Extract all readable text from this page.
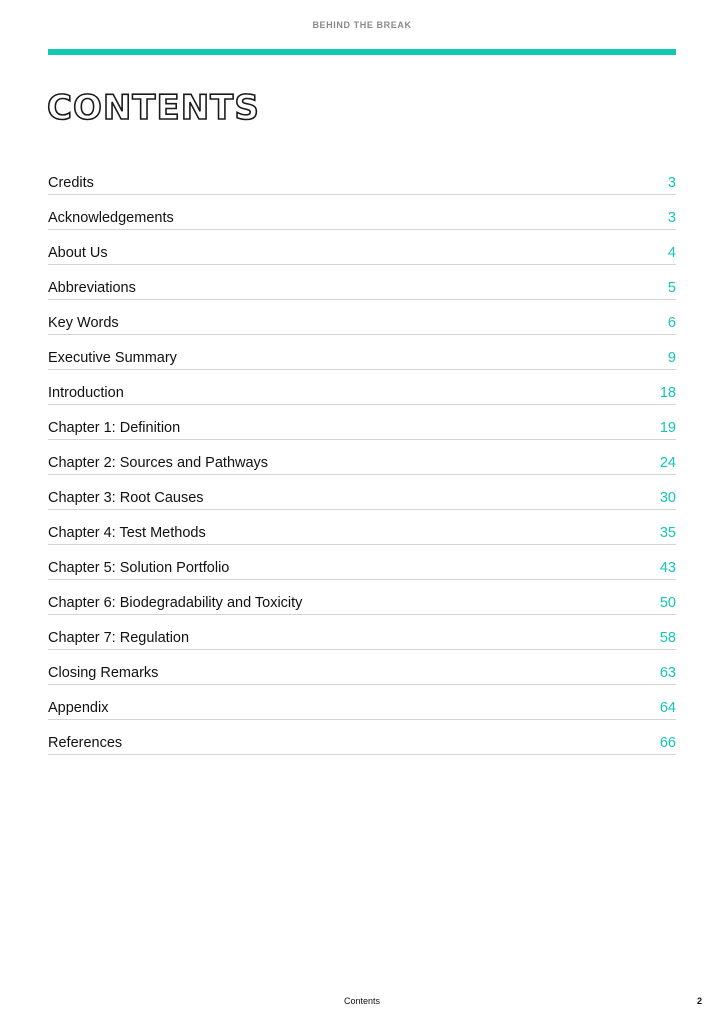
BEHIND THE BREAK
CONTENTS
Credits	3
Acknowledgements	3
About Us	4
Abbreviations	5
Key Words	6
Executive Summary	9
Introduction	18
Chapter 1: Definition	19
Chapter 2: Sources and Pathways	24
Chapter 3: Root Causes	30
Chapter 4: Test Methods	35
Chapter 5: Solution Portfolio	43
Chapter 6: Biodegradability and Toxicity	50
Chapter 7: Regulation	58
Closing Remarks	63
Appendix	64
References	66
Contents	2
